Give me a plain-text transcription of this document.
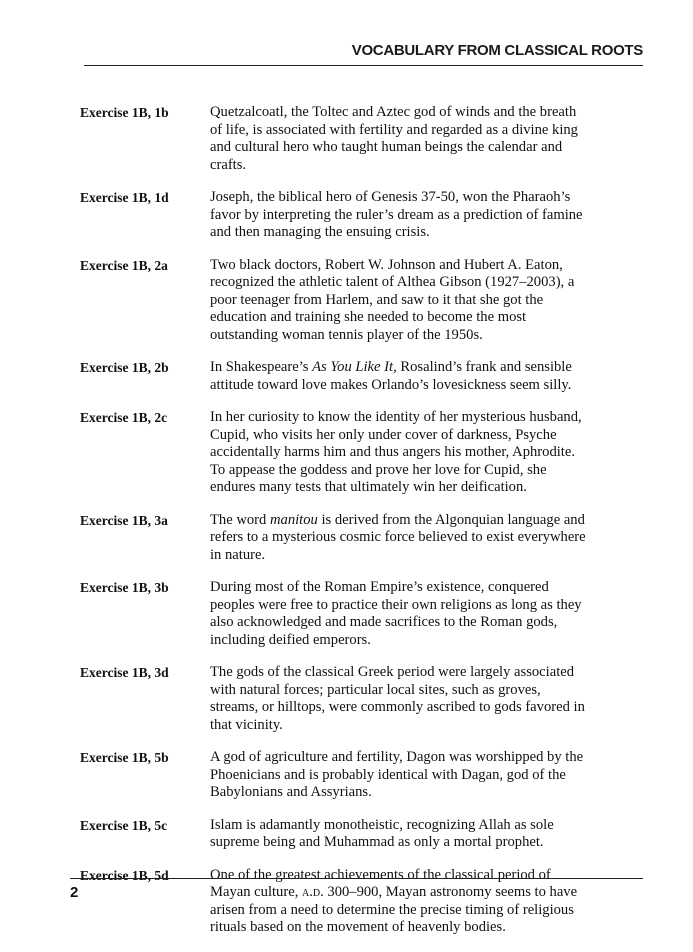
VOCABULARY FROM CLASSICAL ROOTS
Exercise 1B, 1b	Quetzalcoatl, the Toltec and Aztec god of winds and the breath of life, is associated with fertility and regarded as a divine king and cultural hero who taught human beings the calendar and crafts.
Exercise 1B, 1d	Joseph, the biblical hero of Genesis 37-50, won the Pharaoh’s favor by interpreting the ruler’s dream as a prediction of famine and then managing the ensuing crisis.
Exercise 1B, 2a	Two black doctors, Robert W. Johnson and Hubert A. Eaton, recognized the athletic talent of Althea Gibson (1927–2003), a poor teenager from Harlem, and saw to it that she got the education and training she needed to become the most outstanding woman tennis player of the 1950s.
Exercise 1B, 2b	In Shakespeare’s As You Like It, Rosalind’s frank and sensible attitude toward love makes Orlando’s lovesickness seem silly.
Exercise 1B, 2c	In her curiosity to know the identity of her mysterious husband, Cupid, who visits her only under cover of darkness, Psyche accidentally harms him and thus angers his mother, Aphrodite. To appease the goddess and prove her love for Cupid, she endures many tests that ultimately win her deification.
Exercise 1B, 3a	The word manitou is derived from the Algonquian language and refers to a mysterious cosmic force believed to exist everywhere in nature.
Exercise 1B, 3b	During most of the Roman Empire’s existence, conquered peoples were free to practice their own religions as long as they also acknowledged and made sacrifices to the Roman gods, including deified emperors.
Exercise 1B, 3d	The gods of the classical Greek period were largely associated with natural forces; particular local sites, such as groves, streams, or hilltops, were commonly ascribed to gods favored in that vicinity.
Exercise 1B, 5b	A god of agriculture and fertility, Dagon was worshipped by the Phoenicians and is probably identical with Dagan, god of the Babylonians and Assyrians.
Exercise 1B, 5c	Islam is adamantly monotheistic, recognizing Allah as sole supreme being and Muhammad as only a mortal prophet.
Exercise 1B, 5d	One of the greatest achievements of the classical period of Mayan culture, a.d. 300–900, Mayan astronomy seems to have arisen from a need to determine the precise timing of religious rituals based on the movement of heavenly bodies.
2
